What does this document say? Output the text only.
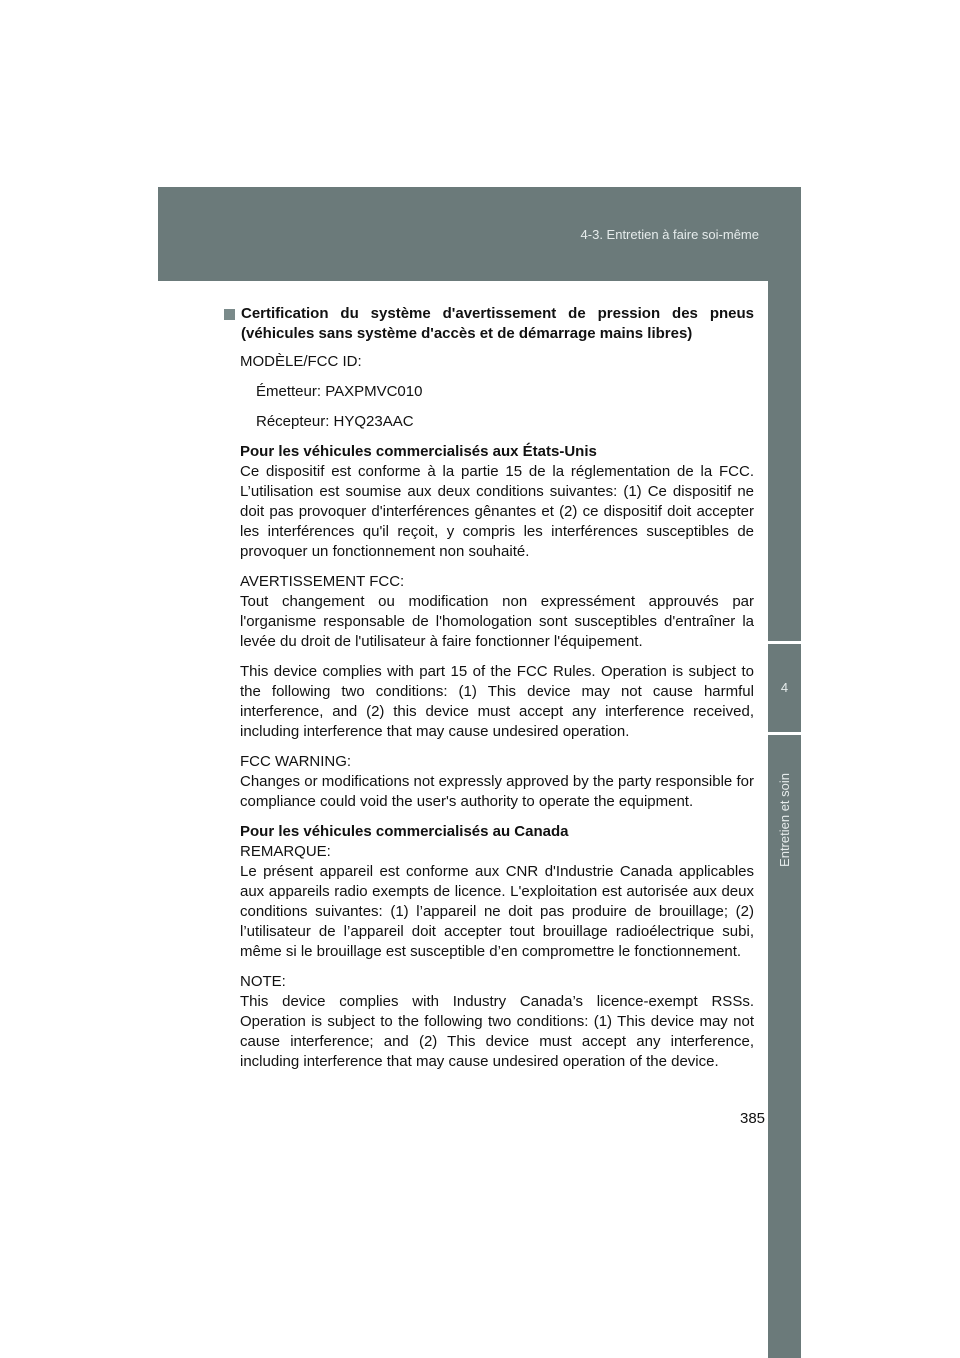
4-3. Entretien à faire soi-même
4
Entretien et soin
Certification du système d'avertissement de pression des pneus (véhicules sans système d'accès et de démarrage mains libres)

MODÈLE/FCC ID:

Émetteur: PAXPMVC010

Récepteur: HYQ23AAC

Pour les véhicules commercialisés aux États-Unis
Ce dispositif est conforme à la partie 15 de la réglementation de la FCC. L’utilisation est soumise aux deux conditions suivantes: (1) Ce dispositif ne doit pas provoquer d'interférences gênantes et (2) ce dispositif doit accepter les interférences qu'il reçoit, y compris les interférences susceptibles de provoquer un fonctionnement non souhaité.

AVERTISSEMENT FCC:
Tout changement ou modification non expressément approuvés par l'organisme responsable de l'homologation sont susceptibles d'entraîner la levée du droit de l'utilisateur à faire fonctionner l'équipement.

This device complies with part 15 of the FCC Rules. Operation is subject to the following two conditions: (1) This device may not cause harmful interference, and (2) this device must accept any interference received, including interference that may cause undesired operation.

FCC WARNING:
Changes or modifications not expressly approved by the party responsible for compliance could void the user's authority to operate the equipment.

Pour les véhicules commercialisés au Canada
REMARQUE:
Le présent appareil est conforme aux CNR d'Industrie Canada applicables aux appareils radio exempts de licence. L'exploitation est autorisée aux deux conditions suivantes: (1) l’appareil ne doit pas produire de brouillage; (2) l’utilisateur de l’appareil doit accepter tout brouillage radioélectrique subi, même si le brouillage est susceptible d’en compromettre le fonctionnement.

NOTE:
This device complies with Industry Canada’s licence-exempt RSSs. Operation is subject to the following two conditions: (1) This device may not cause interference; and (2) This device must accept any interference, including interference that may cause undesired operation of the device.

385
